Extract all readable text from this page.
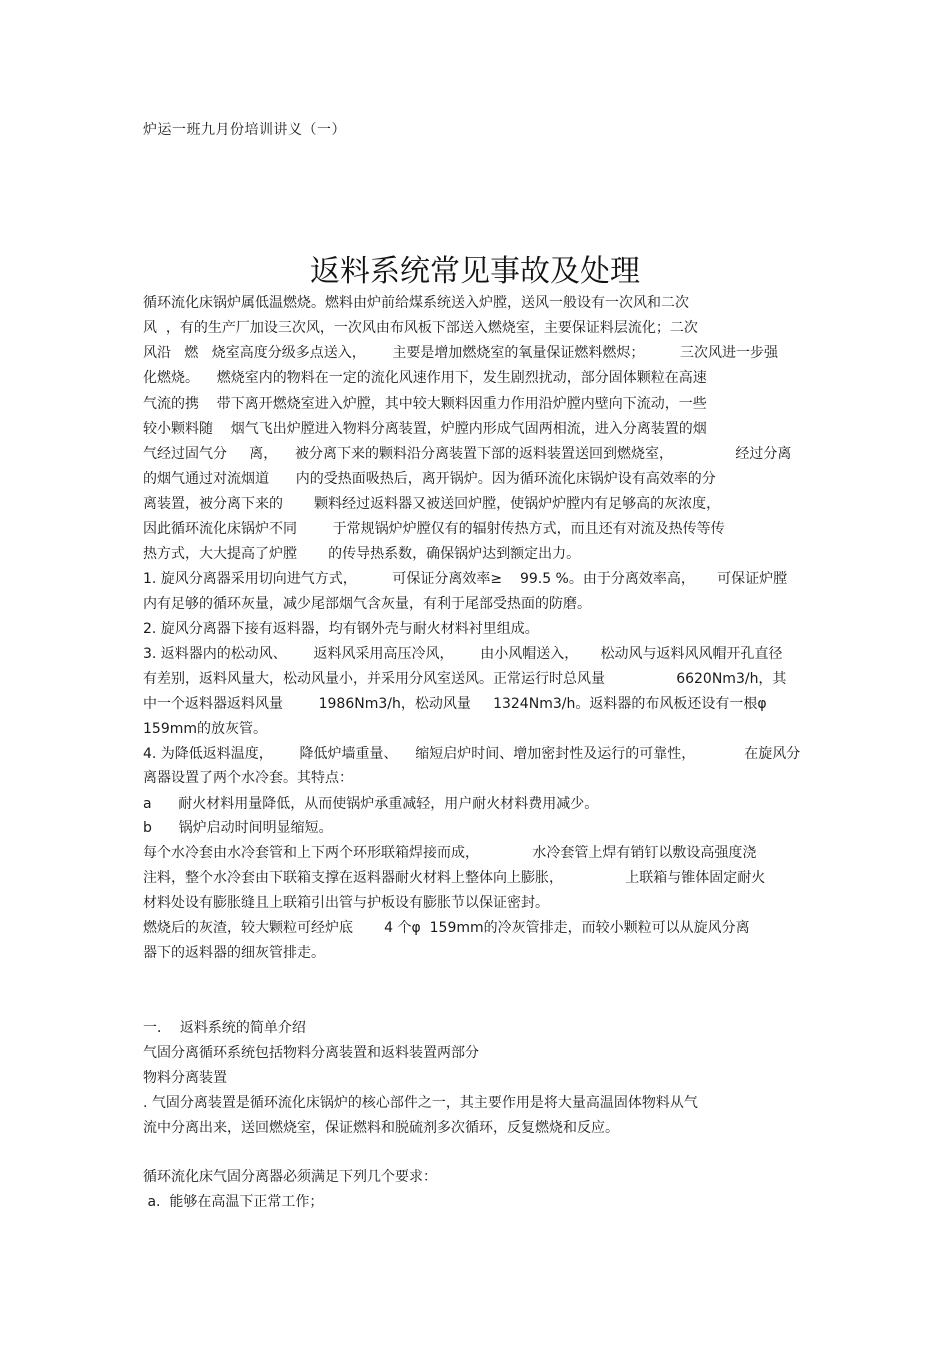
炉运一班九月份培训讲义（一）
返料系统常见事故及处理
循环流化床锅炉属低温燃烧。燃料由炉前给煤系统送入炉膛，送风一般设有一次风和二次
风  ，有的生产厂加设三次风，一次风由布风板下部送入燃烧室，主要保证料层流化；二次
风沿   燃   烧室高度分级多点送入，      主要是增加燃烧室的氧量保证燃料燃烬；        三次风进一步强
化燃烧。    燃烧室内的物料在一定的流化风速作用下，发生剧烈扰动，部分固体颗粒在高速
气流的携    带下离开燃烧室进入炉膛，其中较大颗料因重力作用沿炉膛内壁向下流动，一些
较小颗料随    烟气飞出炉膛进入物料分离装置，炉膛内形成气固两相流，进入分离装置的烟
气经过固气分     离，    被分离下来的颗料沿分离装置下部的返料装置送回到燃烧室，              经过分离
的烟气通过对流烟道      内的受热面吸热后，离开锅炉。因为循环流化床锅炉设有高效率的分
离装置，被分离下来的       颗料经过返料器又被送回炉膛，使锅炉炉膛内有足够高的灰浓度，
因此循环流化床锅炉不同        于常规锅炉炉膛仅有的辐射传热方式，而且还有对流及热传等传
热方式，大大提高了炉膛       的传导热系数，确保锅炉达到额定出力。
1. 旋风分离器采用切向进气方式，        可保证分离效率≥    99.5 %。由于分离效率高，     可保证炉膛
内有足够的循环灰量，减少尾部烟气含灰量，有利于尾部受热面的防磨。
2. 旋风分离器下接有返料器，均有钢外壳与耐火材料衬里组成。
3. 返料器内的松动风、      返料风采用高压冷风，      由小风帽送入，     松动风与返料风风帽开孔直径
有差别，返料风量大，松动风量小，并采用分风室送风。正常运行时总风量                6620Nm3/h，其
中一个返料器返料风量        1986Nm3/h，松动风量     1324Nm3/h。返料器的布风板还设有一根φ
159mm的放灰管。
4. 为降低返料温度，      降低炉墙重量、    缩短启炉时间、增加密封性及运行的可靠性，           在旋风分
离器设置了两个水冷套。其特点：
a      耐火材料用量降低，从而使锅炉承重减轻，用户耐火材料费用减少。
b      锅炉启动时间明显缩短。
每个水冷套由水冷套管和上下两个环形联箱焊接而成，            水冷套管上焊有销钉以敷设高强度浇
注料，整个水冷套由下联箱支撑在返料器耐火材料上整体向上膨胀，              上联箱与锥体固定耐火
材料处设有膨胀缝且上联箱引出管与护板设有膨胀节以保证密封。
燃烧后的灰渣，较大颗粒可经炉底       4 个φ  159mm的冷灰管排走，而较小颗粒可以从旋风分离
器下的返料器的细灰管排走。
一．  返料系统的简单介绍
气固分离循环系统包括物料分离装置和返料装置两部分
物料分离装置
. 气固分离装置是循环流化床锅炉的核心部件之一，其主要作用是将大量高温固体物料从气
流中分离出来，送回燃烧室，保证燃料和脱硫剂多次循环，反复燃烧和反应。
循环流化床气固分离器必须满足下列几个要求：
a.  能够在高温下正常工作；
